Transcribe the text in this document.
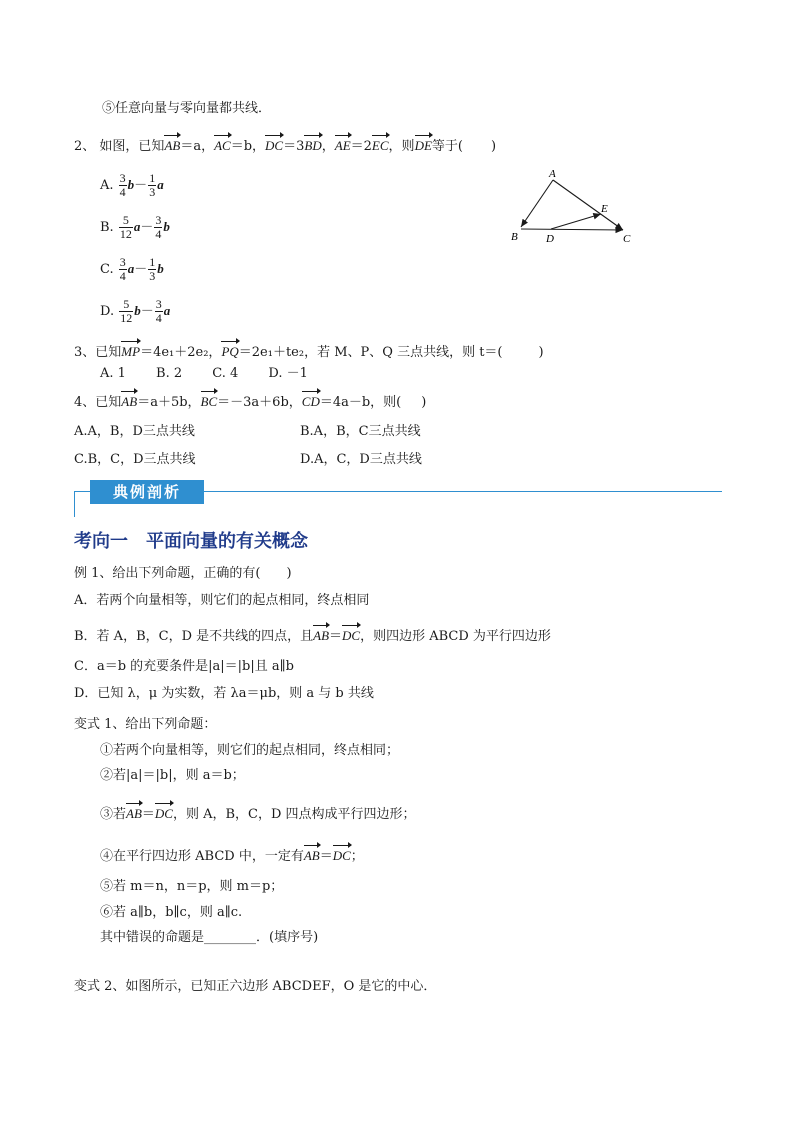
⑤任意向量与零向量都共线．
2、 如图，已知AB＝a，AC＝b，DC＝3BD，AE＝2EC，则DE等于( )
A. $\frac{3}{4} b- \frac{1}{3}$ a
B. $\frac{5}{12} a- \frac{3}{4}$ b
C. $\frac{3}{4} a- \frac{1}{3}$ b
D. $\frac{5}{12} b- \frac{3}{4}$ a
A
B	C
D
E
3、已知MP＝4e₁＋2e₂，PQ＝2e₁＋te₂，若 M、P、Q 三点共线，则 t＝(	)
A. 1　　 B. 2　　 C. 4　　 D. －1
4、已知AB＝a＋5b，BC＝－3a＋6b，CD＝4a－b，则( )
A.A，B，D三点共线	B.A，B，C三点共线
C.B，C，D三点共线	D.A，C，D三点共线
典例剖析
考向一　平面向量的有关概念
例 1、给出下列命题，正确的有(　　)
A．若两个向量相等，则它们的起点相同，终点相同
B．若 A，B，C，D 是不共线的四点，且AB＝DC，则四边形 ABCD 为平行四边形
C．a＝b 的充要条件是|a|＝|b|且 a∥b
D．已知 λ，μ 为实数，若 λa＝μb，则 a 与 b 共线
变式 1、给出下列命题：
①若两个向量相等，则它们的起点相同，终点相同；
②若|a|＝|b|，则 a＝b；
③若AB＝DC，则 A，B，C，D 四点构成平行四边形；
④在平行四边形 ABCD 中，一定有AB＝DC；
⑤若 m＝n，n＝p，则 m＝p；
⑥若 a∥b，b∥c，则 a∥c.
其中错误的命题是________．(填序号)
变式 2、如图所示，已知正六边形 ABCDEF，O 是它的中心．
